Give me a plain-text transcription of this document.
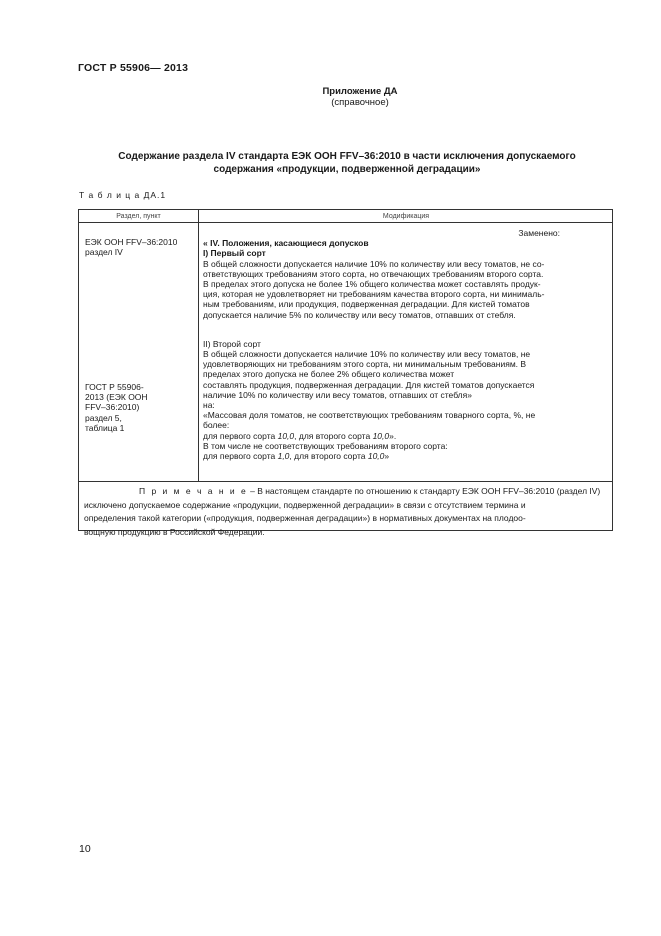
ГОСТ Р 55906— 2013
Приложение ДА
(справочное)
Содержание раздела IV стандарта ЕЭК ООН FFV–36:2010 в части исключения допускаемого
содержания «продукции, подверженной деградации»
Т а б л и ц а ДА.1
Раздел, пункт	Модификация
ЕЭК ООН FFV–36:2010
раздел IV
ГОСТ Р 55906-
2013 (ЕЭК ООН
FFV–36:2010)
раздел 5,
таблица 1
Заменено:
« IV. Положения, касающиеся допусков
I) Первый сорт
В общей сложности допускается наличие 10% по количеству или весу томатов, не со-
ответствующих требованиям этого сорта, но отвечающих требованиям второго сорта.
В пределах этого допуска не более 1% общего количества может составлять продук-
ция, которая не удовлетворяет ни требованиям качества второго сорта, ни минималь-
ным требованиям, или продукция, подверженная деградации. Для кистей томатов
допускается наличие 5% по количеству или весу томатов, отпавших от стебля.
II) Второй сорт
В общей сложности допускается наличие 10% по количеству или весу томатов, не
удовлетворяющих ни требованиям этого сорта, ни минимальным требованиям. В
пределах этого допуска не более 2% общего количества может
составлять продукция, подверженная деградации. Для кистей томатов допускается
наличие 10% по количеству или весу томатов, отпавших от стебля»
на:
«Массовая доля томатов, не соответствующих требованиям товарного сорта, %, не
более:
для первого сорта 10,0, для второго сорта 10,0».
В том числе не соответствующих требованиям второго сорта:
для первого сорта 1,0, для второго сорта 10,0»
П р и м е ч а н и е – В настоящем стандарте по отношению к стандарту ЕЭК ООН FFV–36:2010 (раздел IV)
исключено допускаемое содержание «продукции, подверженной деградации» в связи с отсутствием термина и
определения такой категории («продукция, подверженная деградации») в нормативных документах на плодоо-
вощную продукцию в Российской Федерации.
10
